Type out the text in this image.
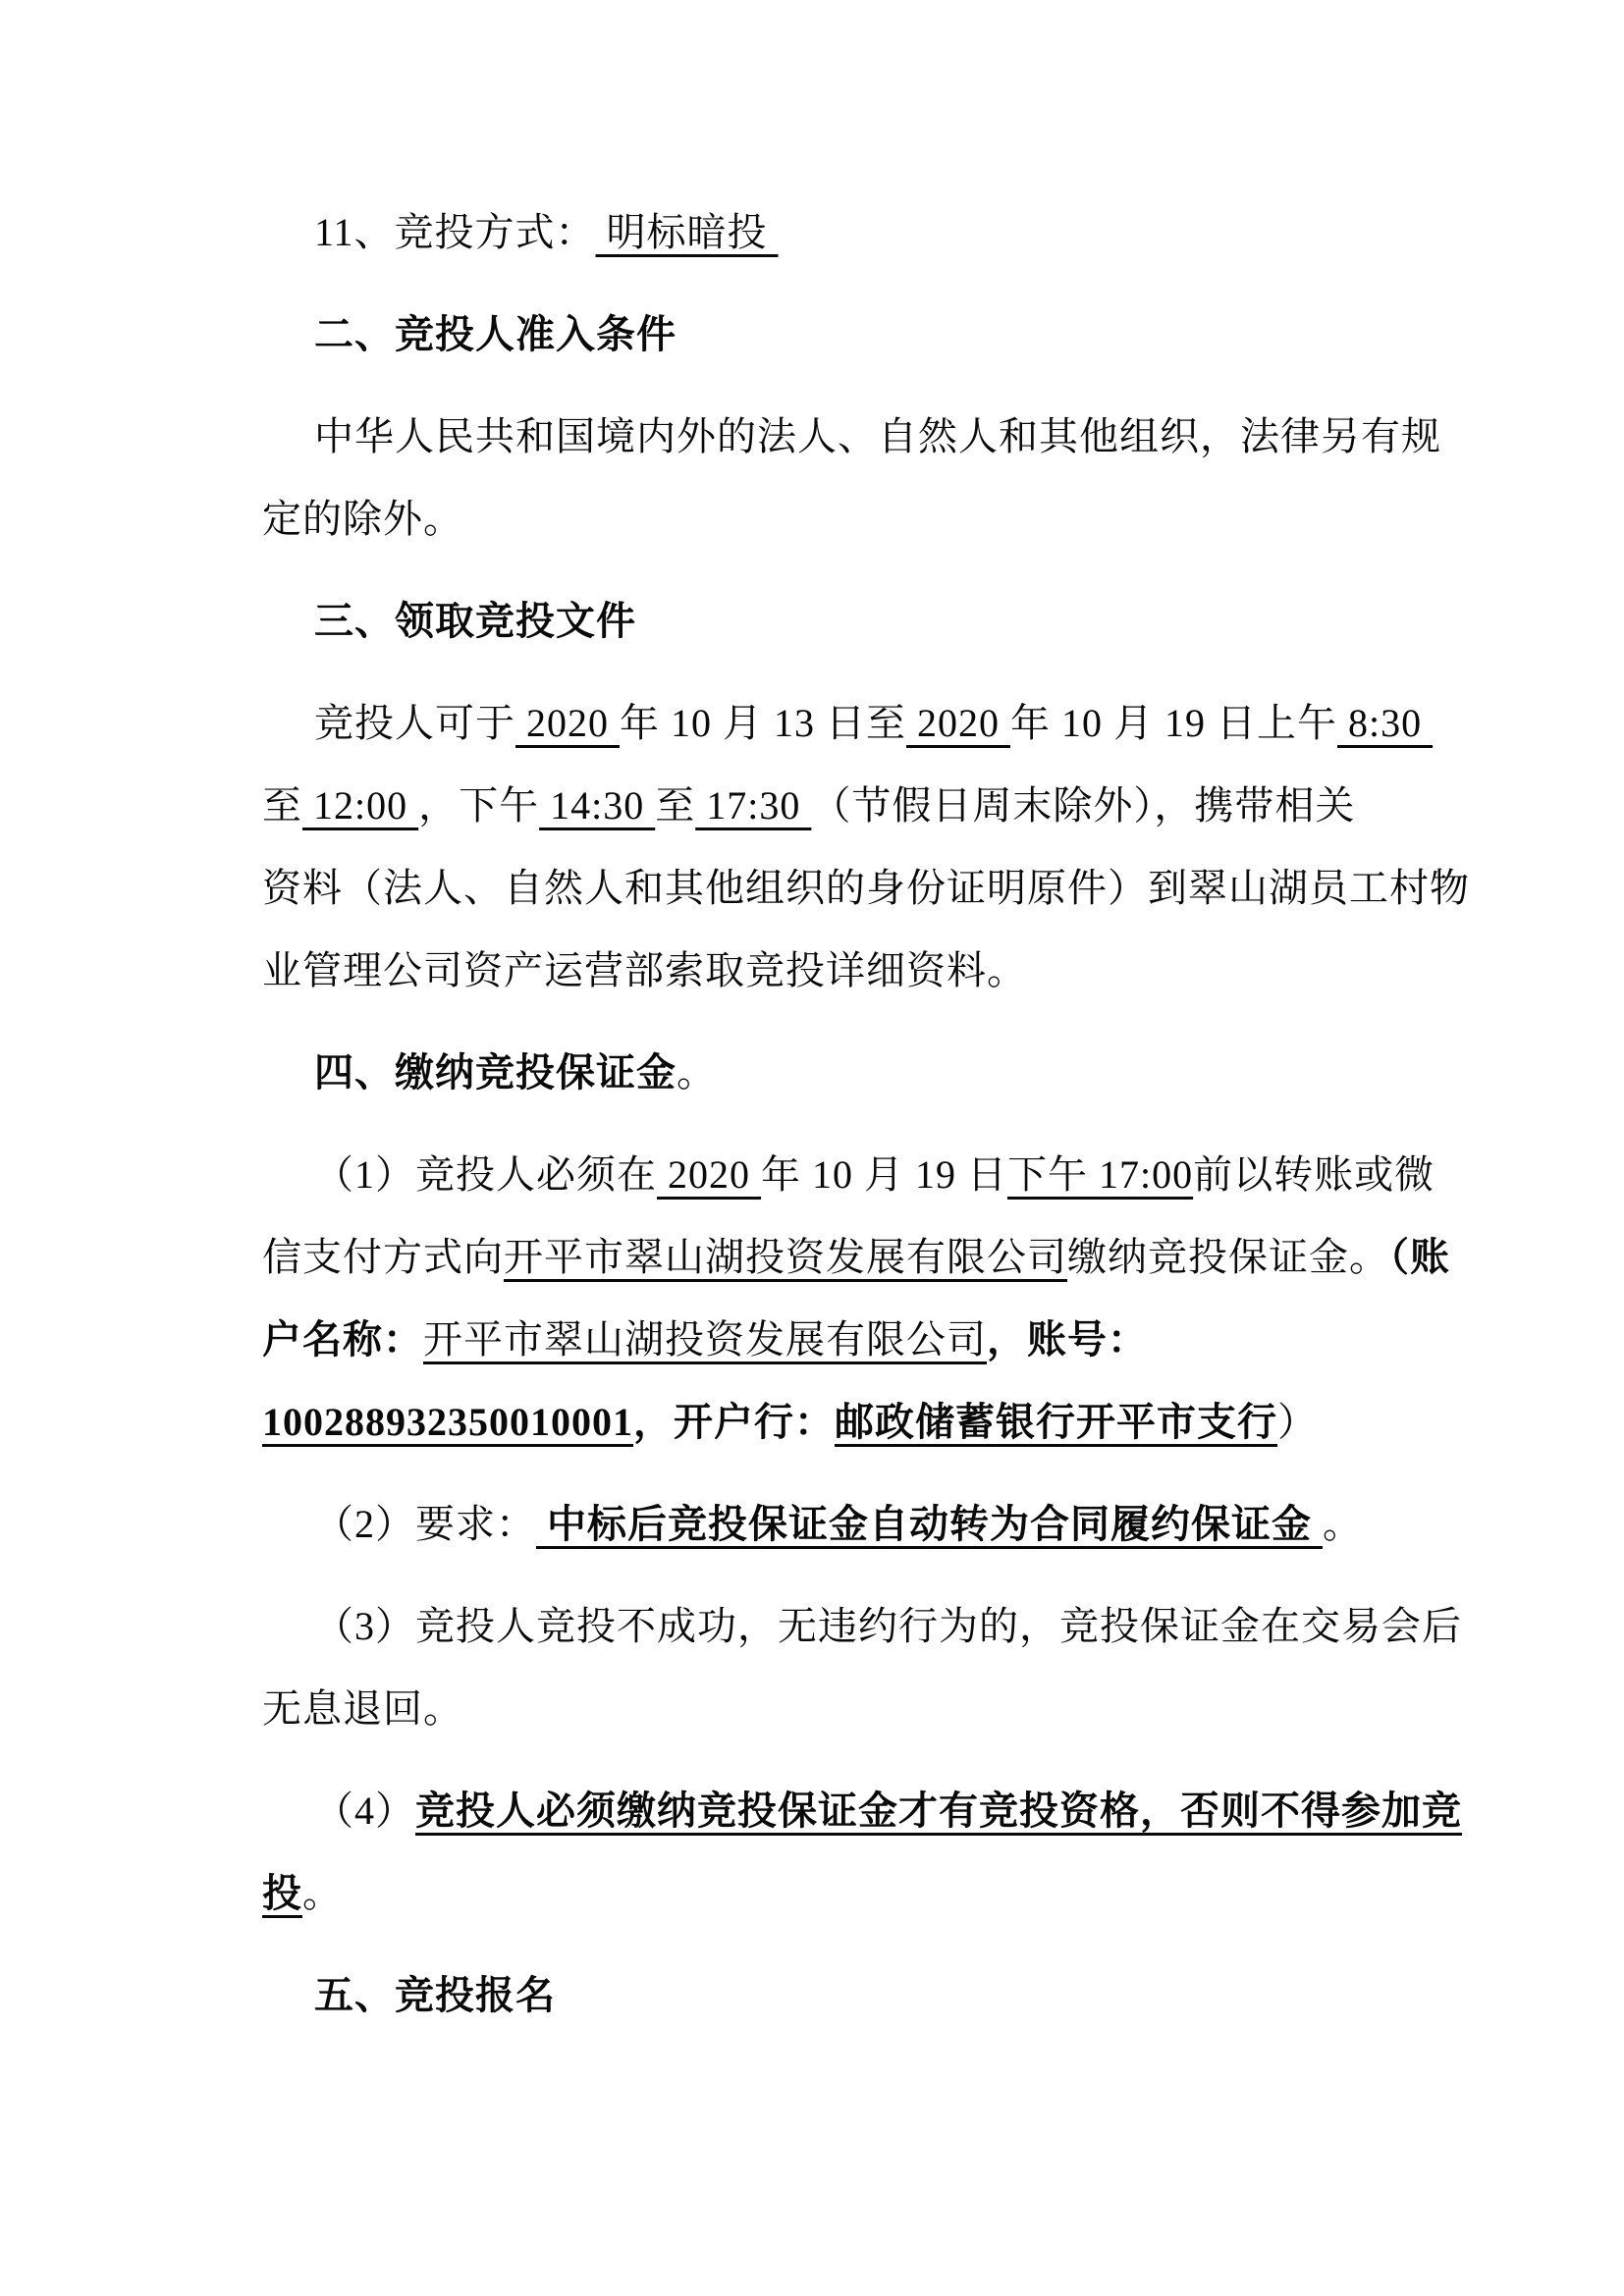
11、竞投方式： 明标暗投
二、竞投人准入条件
中华人民共和国境内外的法人、自然人和其他组织，法律另有规
定的除外。
三、领取竞投文件
竞投人可于 2020 年 10 月 13 日至 2020 年 10 月 19 日上午 8:30
至 12:00 ，下午 14:30 至 17:30 （节假日周末除外），携带相关
资料（法人、自然人和其他组织的身份证明原件）到翠山湖员工村物
业管理公司资产运营部索取竞投详细资料。
四、缴纳竞投保证金。
（1）竞投人必须在 2020 年 10 月 19 日下午 17:00前以转账或微
信支付方式向开平市翠山湖投资发展有限公司缴纳竞投保证金。（账
户名称：开平市翠山湖投资发展有限公司，账号：
100288932350010001，开户行：邮政储蓄银行开平市支行）
（2）要求： 中标后竞投保证金自动转为合同履约保证金 。
（3）竞投人竞投不成功，无违约行为的，竞投保证金在交易会后
无息退回。
（4）竞投人必须缴纳竞投保证金才有竞投资格，否则不得参加竞
投。
五、竞投报名
